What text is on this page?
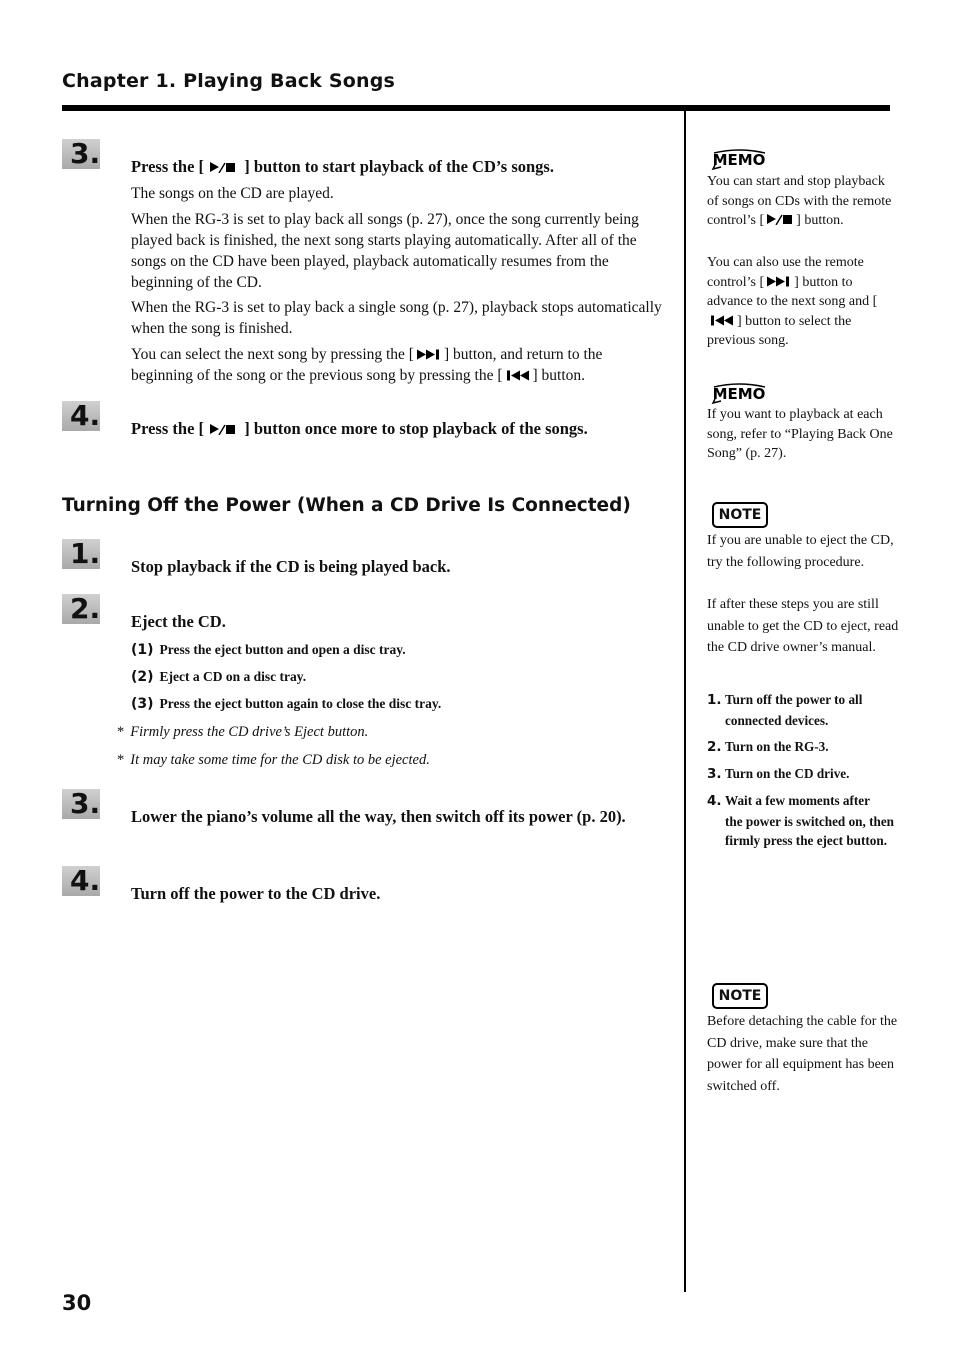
Chapter 1. Playing Back Songs
3. Press the [ ] button to start playback of the CD’s songs.

The songs on the CD are played.

When the RG-3 is set to play back all songs (p. 27), once the song currently being played back is finished, the next song starts playing automatically. After all of the songs on the CD have been played, playback automatically resumes from the beginning of the CD.

When the RG-3 is set to play back a single song (p. 27), playback stops automatically when the song is finished.

You can select the next song by pressing the [ ] button, and return to the beginning of the song or the previous song by pressing the [ ] button.

4. Press the [ ] button once more to stop playback of the songs.
Turning Off the Power (When a CD Drive Is Connected)
1. Stop playback if the CD is being played back.
2. Eject the CD.
(1) Press the eject button and open a disc tray.
(2) Eject a CD on a disc tray.
(3) Press the eject button again to close the disc tray.
* Firmly press the CD drive’s Eject button.
* It may take some time for the CD disk to be ejected.
3. Lower the piano’s volume all the way, then switch off its power (p. 20).
4. Turn off the power to the CD drive.
MEMO

You can start and stop playback of songs on CDs with the remote control’s [ ] button.

You can also use the remote control’s [ ] button to advance to the next song and [] button to select the previous song.

MEMO

If you want to playback at each song, refer to “Playing Back One Song” (p. 27).

NOTE

If you are unable to eject the CD, try the following procedure.

If after these steps you are still unable to get the CD to eject, read the CD drive owner’s manual.

1. Turn off the power to all
connected devices.
2. Turn on the RG-3.
3. Turn on the CD drive.
4. Wait a few moments after
the power is switched on, then firmly press the eject button.
NOTE

Before detaching the cable for the CD drive, make sure that the power for all equipment has been switched off.

30
